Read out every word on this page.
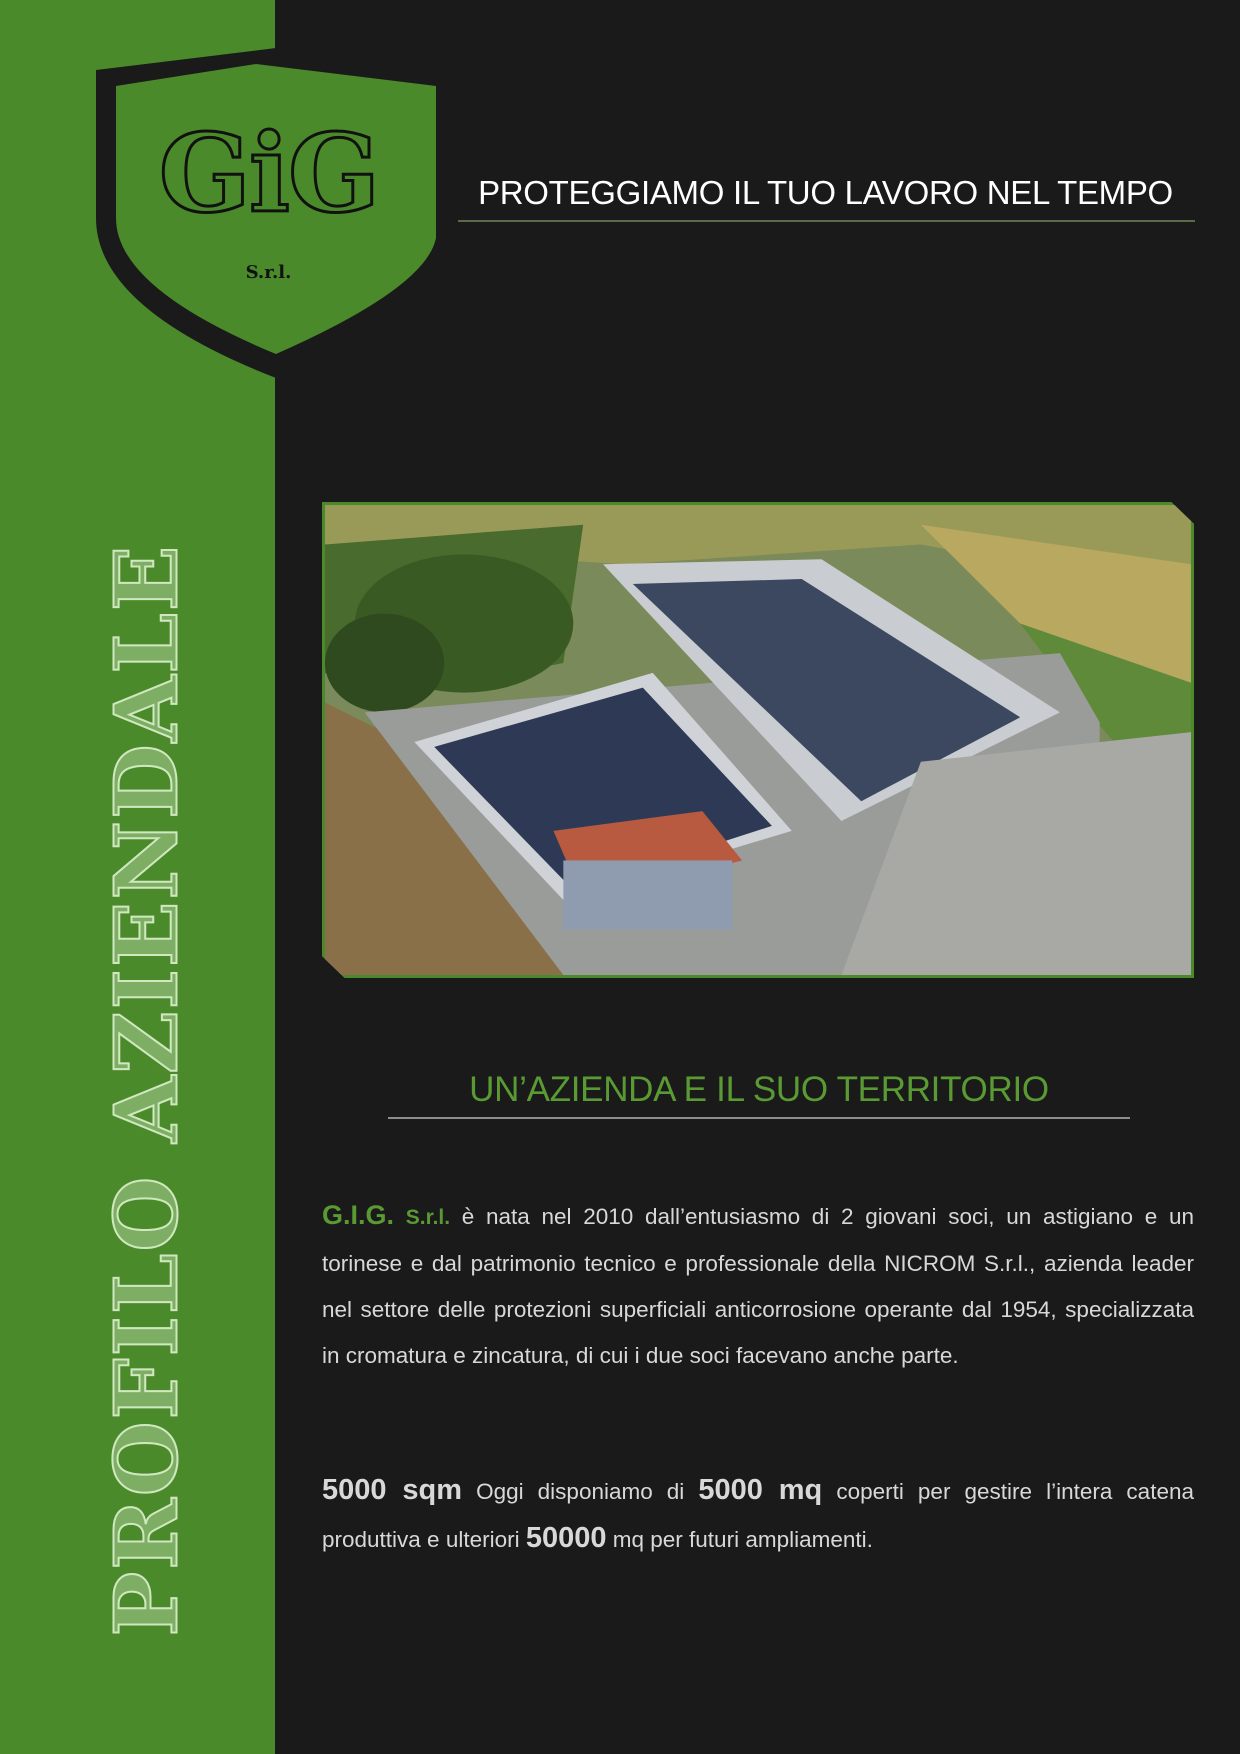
PROFILO AZIENDALE
GiG
S.r.l.
PROTEGGIAMO IL TUO LAVORO NEL TEMPO
UN’AZIENDA E IL SUO TERRITORIO
G.I.G. S.r.l. è nata nel 2010 dall’entusiasmo di 2 giovani soci, un astigiano e un torinese e dal patrimonio tecnico e professionale della NICROM S.r.l., azienda leader nel settore delle protezioni superficiali anticorrosione operante dal 1954, specializzata in cromatura e zincatura, di cui i due soci facevano anche parte.
5000 sqm Oggi disponiamo di 5000 mq coperti per gestire l’intera catena produttiva e ulteriori 50000 mq per futuri ampliamenti.
